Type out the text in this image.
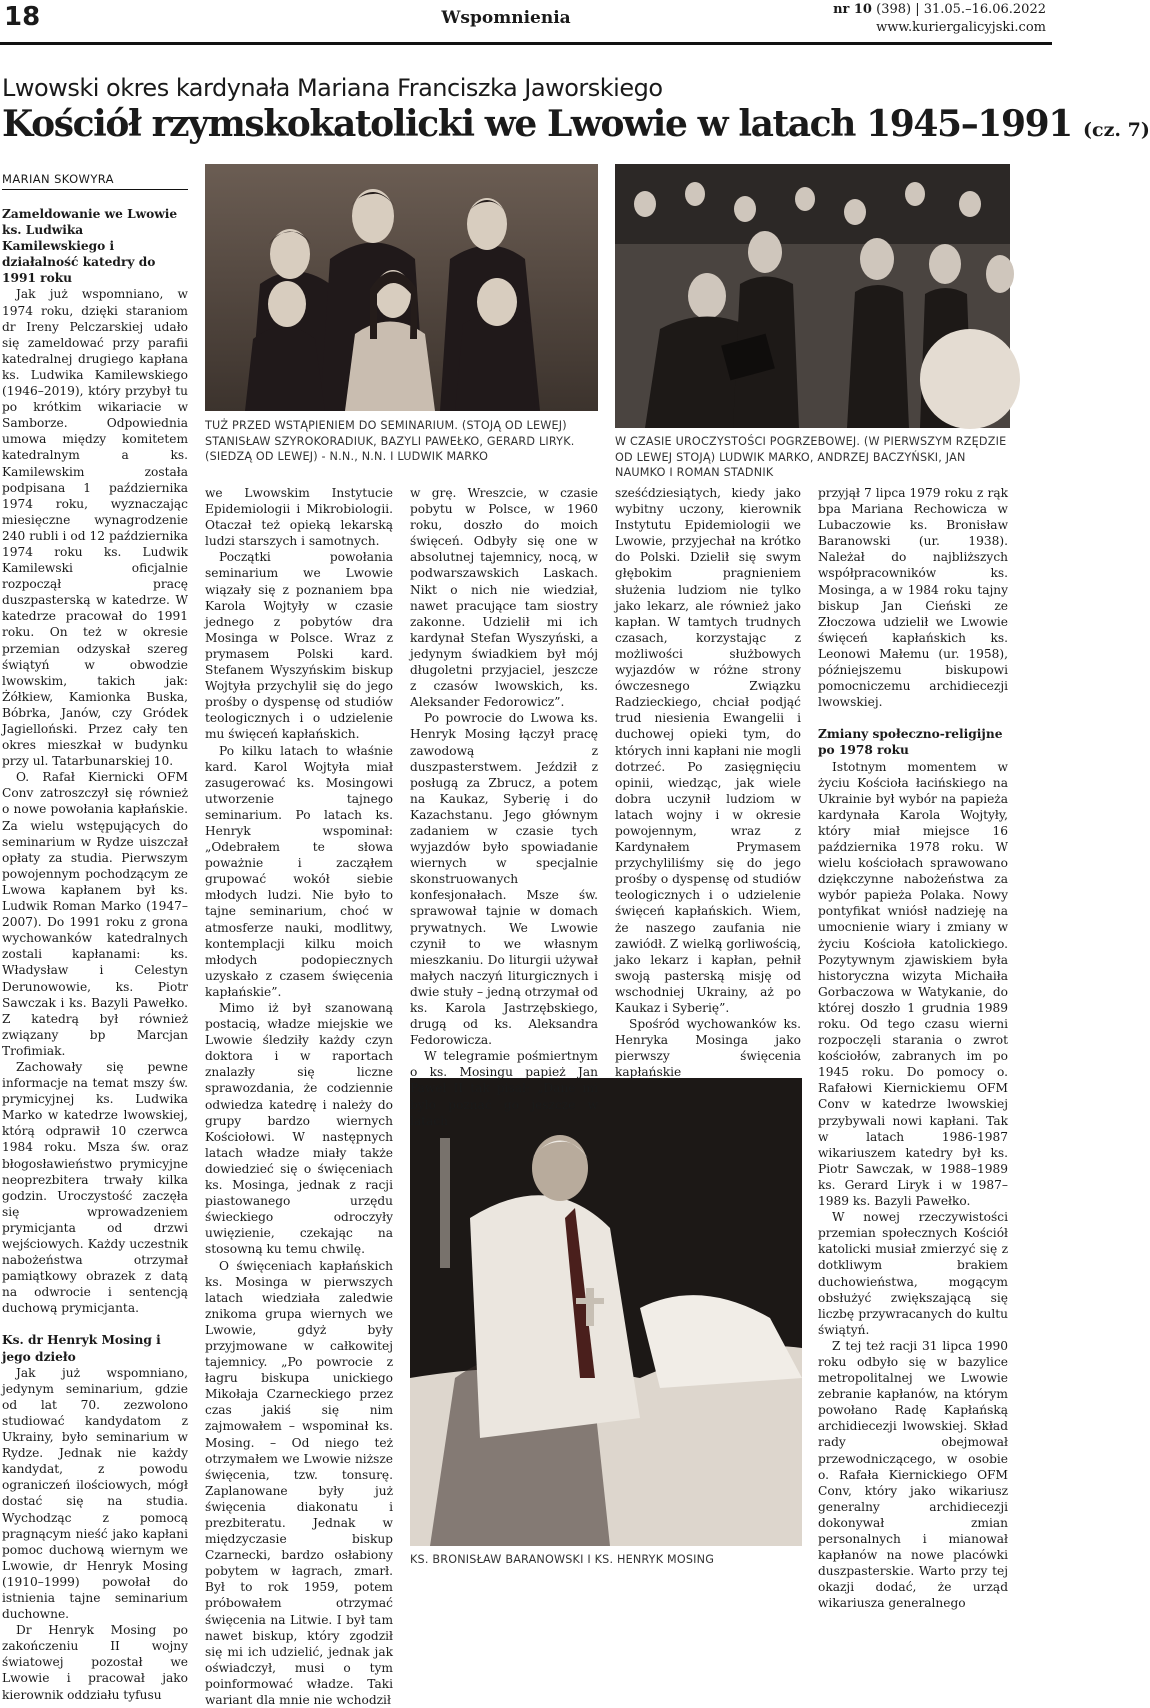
18	Wspomnienia	nr 10 (398) | 31.05.–16.06.2022
www.kuriergalicyjski.com
Lwowski okres kardynała Mariana Franciszka Jaworskiego
Kościół rzymskokatolicki we Lwowie w latach 1945–1991 (cz. 7)
TUŻ PRZED WSTĄPIENIEM DO SEMINARIUM. (STOJĄ OD LEWEJ) STANISŁAW SZYROKORADIUK, BAZYLI PAWEŁKO, GERARD LIRYK. (SIEDZĄ OD LEWEJ) - N.N., N.N. I LUDWIK MARKO
W CZASIE UROCZYSTOŚCI POGRZEBOWEJ. (W PIERWSZYM RZĘDZIE OD LEWEJ STOJĄ) LUDWIK MARKO, ANDRZEJ BACZYŃSKI, JAN NAUMKO I ROMAN STADNIK
KS. BRONISŁAW BARANOWSKI I KS. HENRYK MOSING
MARIAN SKOWYRA
Zameldowanie we Lwowie ks. Ludwika Kamilewskiego i działalność katedry do 1991 roku

Jak już wspomniano, w 1974 roku, dzięki staraniom dr Ireny Pelczarskiej udało się zameldować przy parafii katedralnej drugiego kapłana ks. Ludwika Kamilewskiego (1946–2019), który przybył tu po krótkim wikariacie w Samborze. Odpowiednia umowa między komitetem katedralnym a ks. Kamilewskim została podpisana 1 października 1974 roku, wyznaczając miesięczne wynagrodzenie 240 rubli i od 12 października 1974 roku ks. Ludwik Kamilewski oficjalnie rozpoczął pracę duszpasterską w katedrze. W katedrze pracował do 1991 roku. On też w okresie przemian odzyskał szereg świątyń w obwodzie lwowskim, takich jak: Żółkiew, Kamionka Buska, Bóbrka, Janów, czy Gródek Jagielloński. Przez cały ten okres mieszkał w budynku przy ul. Tatarbunarskiej 10.

O. Rafał Kiernicki OFM Conv zatroszczył się również o nowe powołania kapłańskie. Za wielu wstępujących do seminarium w Rydze uiszczał opłaty za studia. Pierwszym powojennym pochodzącym ze Lwowa kapłanem był ks. Ludwik Roman Marko (1947–2007). Do 1991 roku z grona wychowanków katedralnych zostali kapłanami: ks. Władysław i Celestyn Derunowowie, ks. Piotr Sawczak i ks. Bazyli Pawełko. Z katedrą był również związany bp Marcjan Trofimiak.

Zachowały się pewne informacje na temat mszy św. prymicyjnej ks. Ludwika Marko w katedrze lwowskiej, którą odprawił 10 czerwca 1984 roku. Msza św. oraz błogosławieństwo prymicyjne neoprezbitera trwały kilka godzin. Uroczystość zaczęła się wprowadzeniem prymicjanta od drzwi wejściowych. Każdy uczestnik nabożeństwa otrzymał pamiątkowy obrazek z datą na odwrocie i sentencją duchową prymicjanta.

Ks. dr Henryk Mosing i jego dzieło

Jak już wspomniano, jedynym seminarium, gdzie od lat 70. zezwolono studiować kandydatom z Ukrainy, było seminarium w Rydze. Jednak nie każdy kandydat, z powodu ograniczeń ilościowych, mógł dostać się na studia. Wychodząc z pomocą pragnącym nieść jako kapłani pomoc duchową wiernym we Lwowie, dr Henryk Mosing (1910–1999) powołał do istnienia tajne seminarium duchowne.

Dr Henryk Mosing po zakończeniu II wojny światowej pozostał we Lwowie i pracował jako kierownik oddziału tyfusu

we Lwowskim Instytucie Epidemiologii i Mikrobiologii. Otaczał też opieką lekarską ludzi starszych i samotnych.

Początki powołania seminarium we Lwowie wiązały się z poznaniem bpa Karola Wojtyły w czasie jednego z pobytów dra Mosinga w Polsce. Wraz z prymasem Polski kard. Stefanem Wyszyńskim biskup Wojtyła przychylił się do jego prośby o dyspensę od studiów teologicznych i o udzielenie mu święceń kapłańskich.

Po kilku latach to właśnie kard. Karol Wojtyła miał zasugerować ks. Mosingowi utworzenie tajnego seminarium. Po latach ks. Henryk wspominał: „Odebrałem te słowa poważnie i zacząłem grupować wokół siebie młodych ludzi. Nie było to tajne seminarium, choć w atmosferze nauki, modlitwy, kontemplacji kilku moich młodych podopiecznych uzyskało z czasem święcenia kapłańskie”.

Mimo iż był szanowaną postacią, władze miejskie we Lwowie śledziły każdy czyn doktora i w raportach znalazły się liczne sprawozdania, że codziennie odwiedza katedrę i należy do grupy bardzo wiernych Kościołowi. W następnych latach władze miały także dowiedzieć się o święceniach ks. Mosinga, jednak z racji piastowanego urzędu świeckiego odroczyły uwięzienie, czekając na stosowną ku temu chwilę.

O święceniach kapłańskich ks. Mosinga w pierwszych latach wiedziała zaledwie znikoma grupa wiernych we Lwowie, gdyż były przyjmowane w całkowitej tajemnicy. „Po powrocie z łagru biskupa unickiego Mikołaja Czarneckiego przez czas jakiś się nim zajmowałem – wspominał ks. Mosing. – Od niego też otrzymałem we Lwowie niższe święcenia, tzw. tonsurę. Zaplanowane były już święcenia diakonatu i prezbiteratu. Jednak w międzyczasie biskup Czarnecki, bardzo osłabiony pobytem w łagrach, zmarł. Był to rok 1959, potem próbowałem otrzymać święcenia na Litwie. I był tam nawet biskup, który zgodził się mi ich udzielić, jednak jak oświadczył, musi o tym poinformować władze. Taki wariant dla mnie nie wchodził

w grę. Wreszcie, w czasie pobytu w Polsce, w 1960 roku, doszło do moich święceń. Odbyły się one w absolutnej tajemnicy, nocą, w podwarszawskich Laskach. Nikt o nich nie wiedział, nawet pracujące tam siostry zakonne. Udzielił mi ich kardynał Stefan Wyszyński, a jedynym świadkiem był mój długoletni przyjaciel, jeszcze z czasów lwowskich, ks. Aleksander Fedorowicz”.

Po powrocie do Lwowa ks. Henryk Mosing łączył pracę zawodową z duszpasterstwem. Jeździł z posługą za Zbrucz, a potem na Kaukaz, Syberię i do Kazachstanu. Jego głównym zadaniem w czasie tych wyjazdów było spowiadanie wiernych w specjalnie skonstruowanych konfesjonałach. Msze św. sprawował tajnie w domach prywatnych. We Lwowie czynił to we własnym mieszkaniu. Do liturgii używał małych naczyń liturgicznych i dwie stuły – jedną otrzymał od ks. Karola Jastrzębskiego, drugą od ks. Aleksandra Fedorowicza.

W telegramie pośmiertnym o ks. Mosingu papież Jan Paweł II tak pisał: „Dane mi było poznać go jeszcze w latach

sześćdziesiątych, kiedy jako wybitny uczony, kierownik Instytutu Epidemiologii we Lwowie, przyjechał na krótko do Polski. Dzielił się swym głębokim pragnieniem służenia ludziom nie tylko jako lekarz, ale również jako kapłan. W tamtych trudnych czasach, korzystając z możliwości służbowych wyjazdów w różne strony ówczesnego Związku Radzieckiego, chciał podjąć trud niesienia Ewangelii i duchowej opieki tym, do których inni kapłani nie mogli dotrzeć. Po zasięgnięciu opinii, wiedząc, jak wiele dobra uczynił ludziom w latach wojny i w okresie powojennym, wraz z Kardynałem Prymasem przychyliliśmy się do jego prośby o dyspensę od studiów teologicznych i o udzielenie święceń kapłańskich. Wiem, że naszego zaufania nie zawiódł. Z wielką gorliwością, jako lekarz i kapłan, pełnił swoją pasterską misję od wschodniej Ukrainy, aż po Kaukaz i Syberię”.

Spośród wychowanków ks. Henryka Mosinga jako pierwszy święcenia kapłańskie

przyjął 7 lipca 1979 roku z rąk bpa Mariana Rechowicza w Lubaczowie ks. Bronisław Baranowski (ur. 1938). Należał do najbliższych współpracowników ks. Mosinga, a w 1984 roku tajny biskup Jan Cieński ze Złoczowa udzielił we Lwowie święceń kapłańskich ks. Leonowi Małemu (ur. 1958), późniejszemu biskupowi pomocniczemu archidiecezji lwowskiej.

Zmiany społeczno-religijne po 1978 roku

Istotnym momentem w życiu Kościoła łacińskiego na Ukrainie był wybór na papieża kardynała Karola Wojtyły, który miał miejsce 16 października 1978 roku. W wielu kościołach sprawowano dziękczynne nabożeństwa za wybór papieża Polaka. Nowy pontyfikat wniósł nadzieję na umocnienie wiary i zmiany w życiu Kościoła katolickiego. Pozytywnym zjawiskiem była historyczna wizyta Michaiła Gorbaczowa w Watykanie, do której doszło 1 grudnia 1989 roku. Od tego czasu wierni rozpoczęli starania o zwrot kościołów, zabranych im po 1945 roku. Do pomocy o. Rafałowi Kiernickiemu OFM Conv w katedrze lwowskiej przybywali nowi kapłani. Tak w latach 1986-1987 wikariuszem katedry był ks. Piotr Sawczak, w 1988–1989 ks. Gerard Liryk i w 1987–1989 ks. Bazyli Pawełko.

W nowej rzeczywistości przemian społecznych Kościół katolicki musiał zmierzyć się z dotkliwym brakiem duchowieństwa, mogącym obsłużyć zwiększającą się liczbę przywracanych do kultu świątyń.

Z tej też racji 31 lipca 1990 roku odbyło się w bazylice metropolitalnej we Lwowie zebranie kapłanów, na którym powołano Radę Kapłańską archidiecezji lwowskiej. Skład rady obejmował przewodniczącego, w osobie o. Rafała Kiernickiego OFM Conv, który jako wikariusz generalny archidiecezji dokonywał zmian personalnych i mianował kapłanów na nowe placówki duszpasterskie. Warto przy tej okazji dodać, że urząd wikariusza generalnego
